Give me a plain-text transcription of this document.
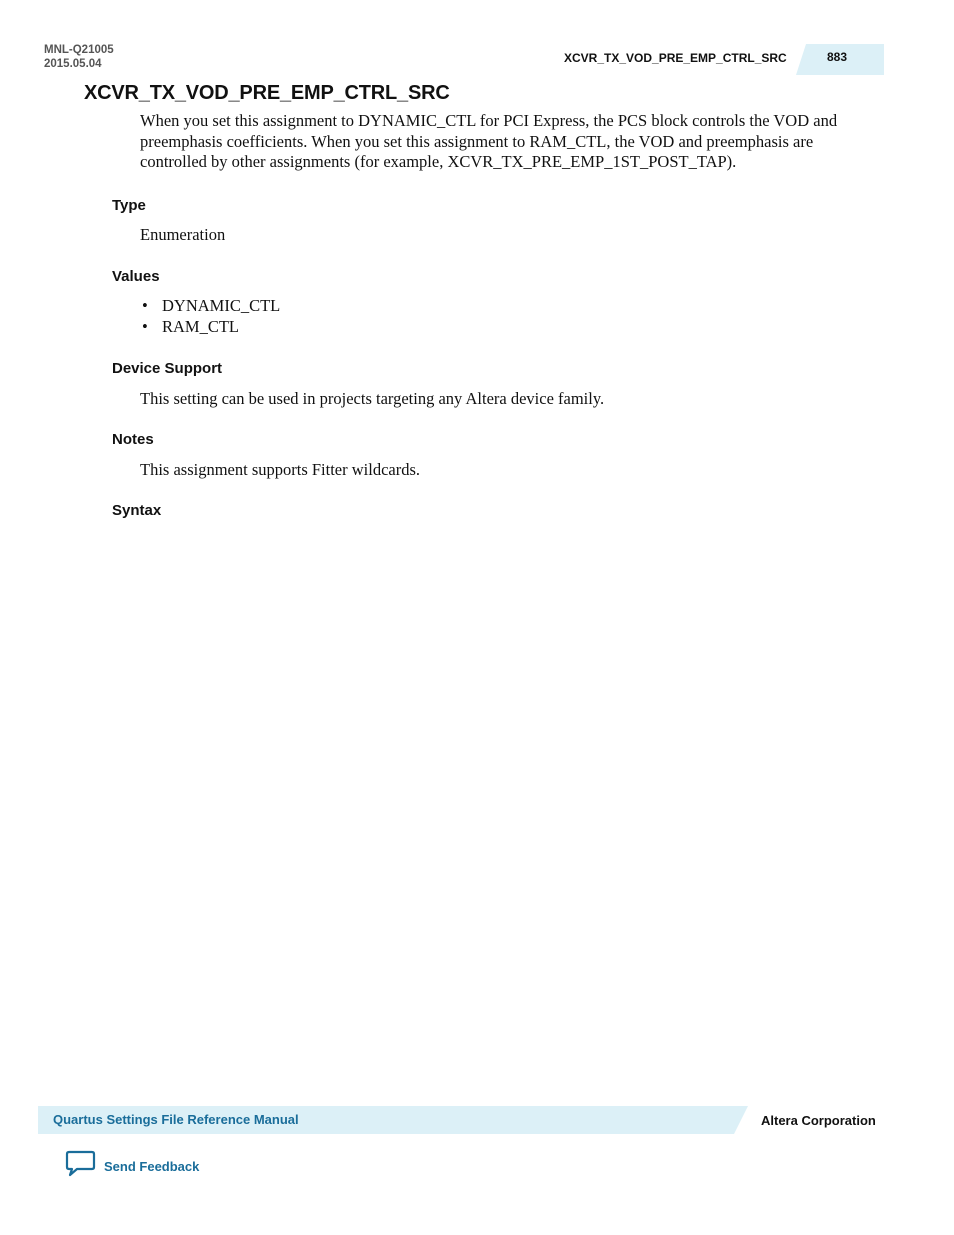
MNL-Q21005
2015.05.04	XCVR_TX_VOD_PRE_EMP_CTRL_SRC	883
XCVR_TX_VOD_PRE_EMP_CTRL_SRC
When you set this assignment to DYNAMIC_CTL for PCI Express, the PCS block controls the VOD and preemphasis coefficients. When you set this assignment to RAM_CTL, the VOD and preemphasis are controlled by other assignments (for example, XCVR_TX_PRE_EMP_1ST_POST_TAP).
Type
Enumeration
Values
• DYNAMIC_CTL
• RAM_CTL
Device Support
This setting can be used in projects targeting any Altera device family.
Notes
This assignment supports Fitter wildcards.
Syntax
Quartus Settings File Reference Manual	Altera Corporation
Send Feedback
